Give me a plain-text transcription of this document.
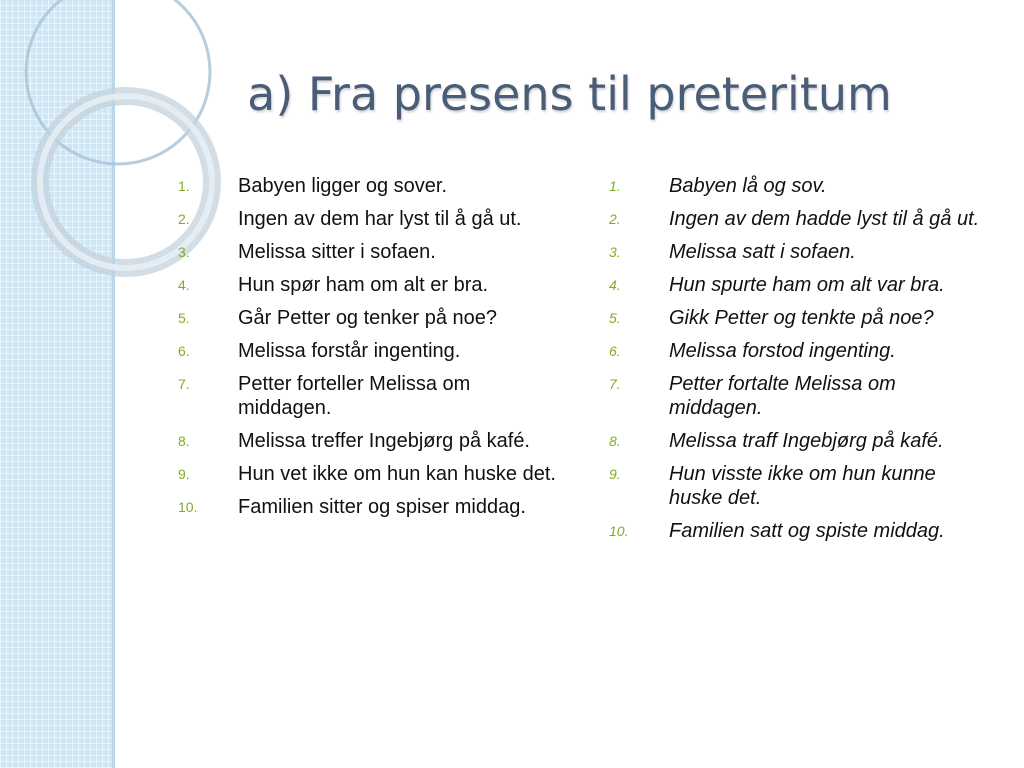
a) Fra presens til preteritum
1. Babyen ligger og sover.
2. Ingen av dem har lyst til å gå ut.
3. Melissa sitter i sofaen.
4. Hun spør ham om alt er bra.
5. Går Petter og tenker på noe?
6. Melissa forstår ingenting.
7. Petter forteller Melissa om middagen.
8. Melissa treffer Ingebjørg på kafé.
9. Hun vet ikke om hun kan huske det.
10. Familien sitter og spiser middag.
1. Babyen lå og sov.
2. Ingen av dem hadde lyst til å gå ut.
3. Melissa satt i sofaen.
4. Hun spurte ham om alt var bra.
5. Gikk Petter og tenkte på noe?
6. Melissa forstod ingenting.
7. Petter fortalte Melissa om middagen.
8. Melissa traff Ingebjørg på kafé.
9. Hun visste ikke om hun kunne huske det.
10. Familien satt og spiste middag.
